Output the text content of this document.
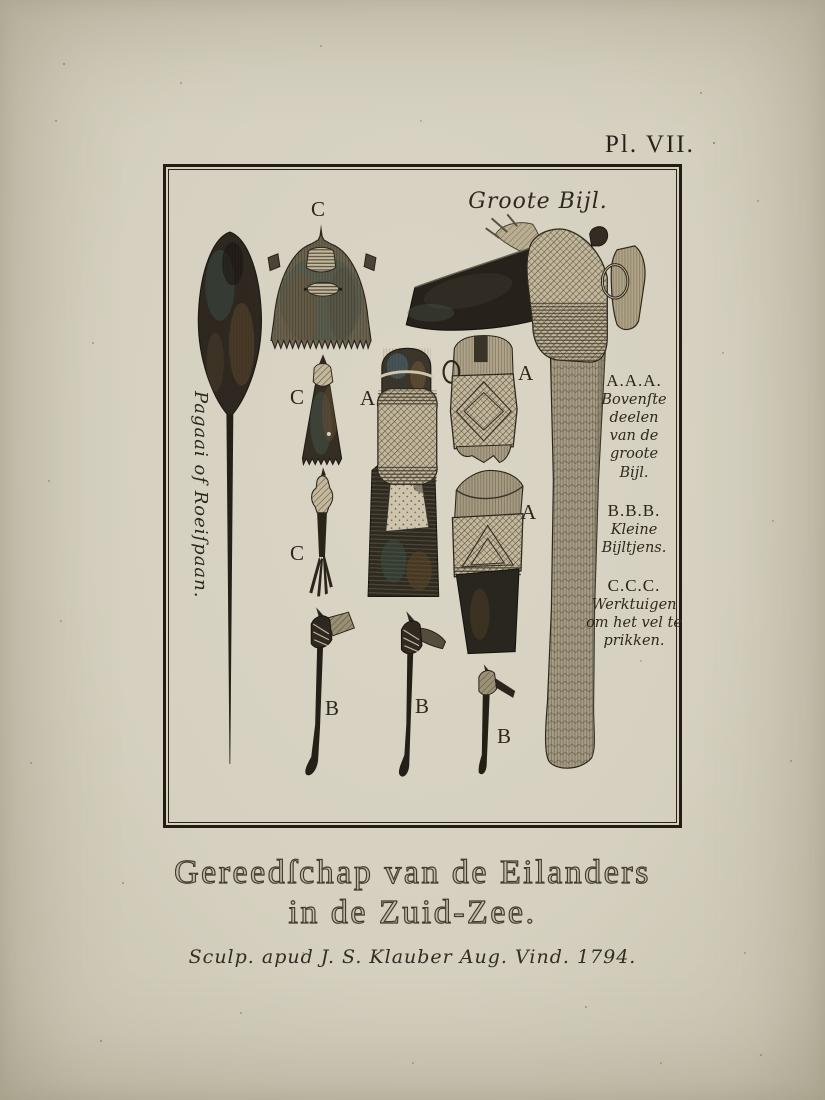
Pl. VII.
Groote Bijl.
Pagaai of Roeiſpaan.
C
C
C
A
A
A
B	B
B
A.A.A.
Bovenſte deelen
van de groote
Bijl.
B.B.B.
Kleine
Bijltjens.
C.C.C.
Werktuigen
om het vel te
prikken.
Gereedſchap van de Eilanders
in de Zuid-Zee.
Sculp. apud J. S. Klauber Aug. Vind. 1794.
